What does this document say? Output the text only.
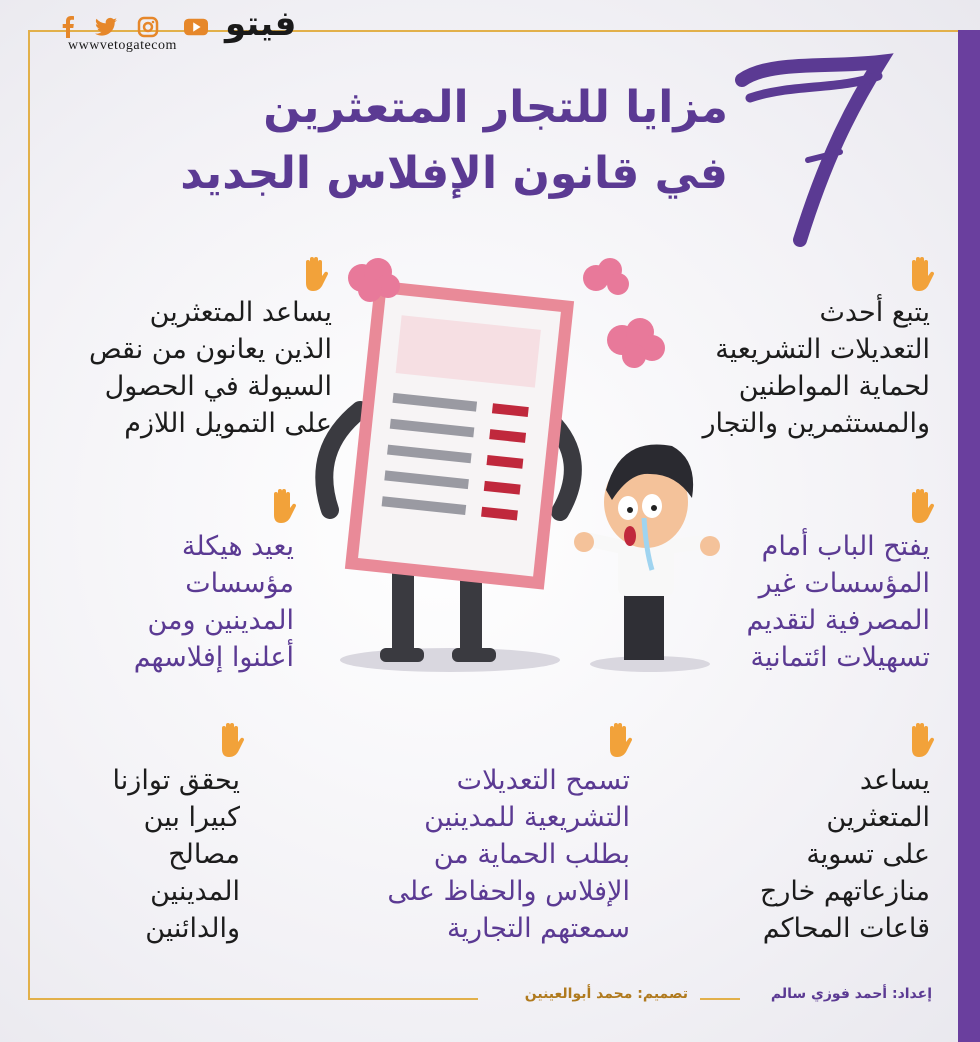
فيتو
wwwvetogatecom
مزايا للتجار المتعثرين
في قانون الإفلاس الجديد
يتبع أحدث
التعديلات التشريعية
لحماية المواطنين
والمستثمرين والتجار
يساعد المتعثرين
الذين يعانون من نقص
السيولة في الحصول
على التمويل اللازم
يفتح الباب أمام
المؤسسات غير
المصرفية لتقديم
تسهيلات ائتمانية
يعيد هيكلة
مؤسسات
المدينين ومن
أعلنوا إفلاسهم
يساعد
المتعثرين
على تسوية
منازعاتهم خارج
قاعات المحاكم
تسمح التعديلات
التشريعية للمدينين
بطلب الحماية من
الإفلاس والحفاظ على
سمعتهم التجارية
يحقق توازنا
كبيرا بين
مصالح
المدينين
والدائنين
إعداد: أحمد فوزي سالم
تصميم: محمد أبوالعينين
